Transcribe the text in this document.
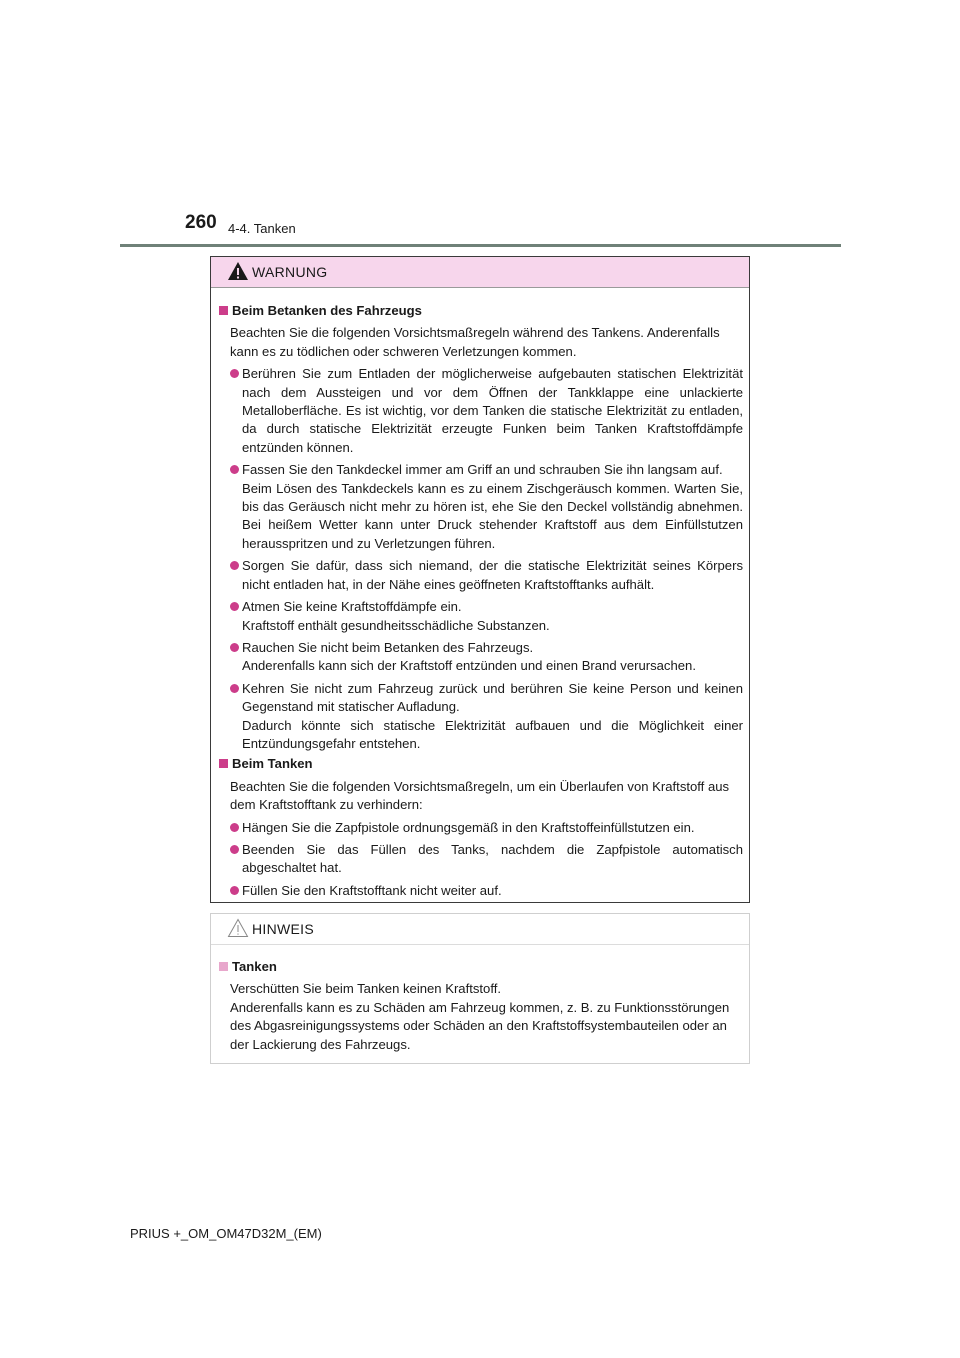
260 4-4. Tanken
WARNUNG
Beim Betanken des Fahrzeugs

Beachten Sie die folgenden Vorsichtsmaßregeln während des Tankens. Anderenfalls kann es zu tödlichen oder schweren Verletzungen kommen.

Berühren Sie zum Entladen der möglicherweise aufgebauten statischen Elektrizität nach dem Aussteigen und vor dem Öffnen der Tankklappe eine unlackierte Metalloberfläche. Es ist wichtig, vor dem Tanken die statische Elektrizität zu entladen, da durch statische Elektrizität erzeugte Funken beim Tanken Kraftstoffdämpfe entzünden können.

Fassen Sie den Tankdeckel immer am Griff an und schrauben Sie ihn langsam auf.

Beim Lösen des Tankdeckels kann es zu einem Zischgeräusch kommen. Warten Sie, bis das Geräusch nicht mehr zu hören ist, ehe Sie den Deckel vollständig abnehmen. Bei heißem Wetter kann unter Druck stehender Kraftstoff aus dem Einfüllstutzen herausspritzen und zu Verletzungen führen.

Sorgen Sie dafür, dass sich niemand, der die statische Elektrizität seines Körpers nicht entladen hat, in der Nähe eines geöffneten Kraftstofftanks aufhält.

Atmen Sie keine Kraftstoffdämpfe ein.

Kraftstoff enthält gesundheitsschädliche Substanzen.

Rauchen Sie nicht beim Betanken des Fahrzeugs.

Anderenfalls kann sich der Kraftstoff entzünden und einen Brand verursachen.

Kehren Sie nicht zum Fahrzeug zurück und berühren Sie keine Person und keinen Gegenstand mit statischer Aufladung.

Dadurch könnte sich statische Elektrizität aufbauen und die Möglichkeit einer Entzündungsgefahr entstehen.

Beim Tanken

Beachten Sie die folgenden Vorsichtsmaßregeln, um ein Überlaufen von Kraftstoff aus dem Kraftstofftank zu verhindern:

Hängen Sie die Zapfpistole ordnungsgemäß in den Kraftstoffeinfüllstutzen ein.

Beenden Sie das Füllen des Tanks, nachdem die Zapfpistole automatisch abgeschaltet hat.

Füllen Sie den Kraftstofftank nicht weiter auf.

HINWEIS
Tanken

Verschütten Sie beim Tanken keinen Kraftstoff.

Anderenfalls kann es zu Schäden am Fahrzeug kommen, z. B. zu Funktionsstörungen des Abgasreinigungssystems oder Schäden an den Kraftstoffsystembauteilen oder an der Lackierung des Fahrzeugs.

PRIUS +_OM_OM47D32M_(EM)
